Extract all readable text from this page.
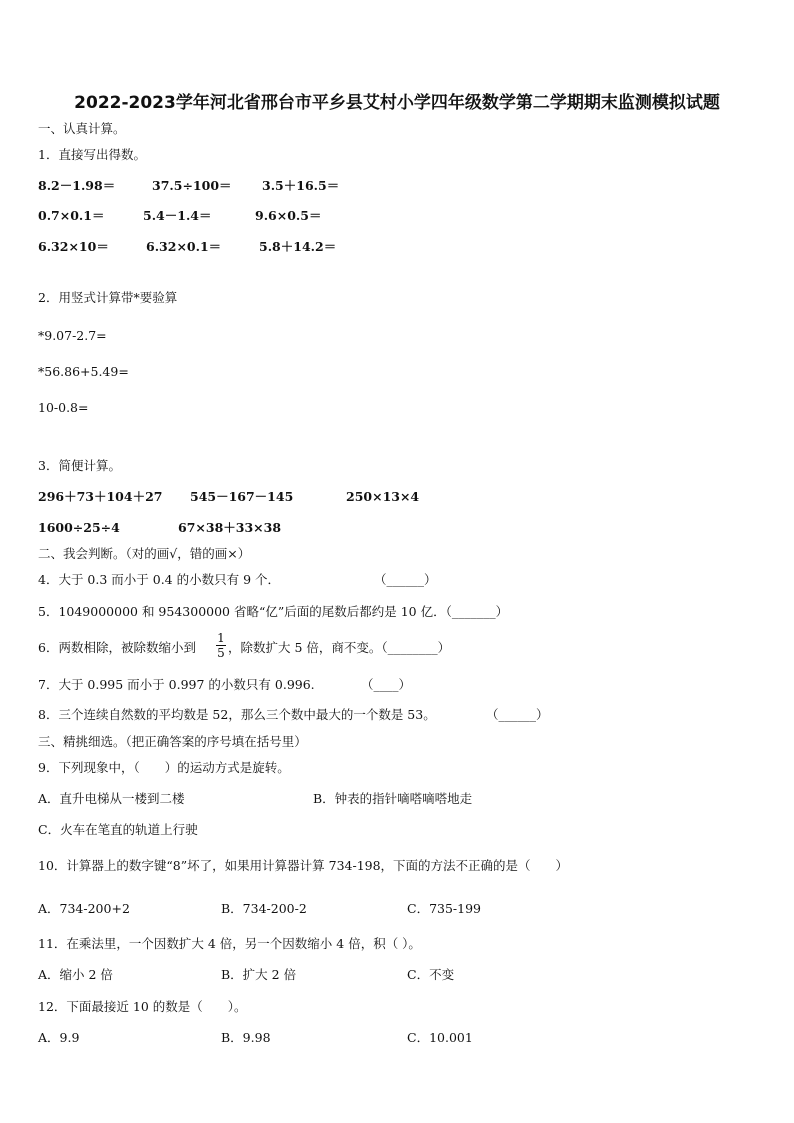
2022-2023学年河北省邢台市平乡县艾村小学四年级数学第二学期期末监测模拟试题
一、认真计算。
1．直接写出得数。
8.2－1.98＝	37.5÷100＝ 3.5＋16.5＝
0.7×0.1＝	5.4－1.4＝	9.6×0.5＝
6.32×10＝	6.32×0.1＝	5.8＋14.2＝
2．用竖式计算带*要验算
*9.07-2.7=
*56.86+5.49=
10-0.8=
3．简便计算。
296＋73＋104＋27 545－167－145	250×13×4
1600÷25÷4	67×38＋33×38
二、我会判断。（对的画√，错的画×）
4．大于 0.3 而小于 0.4 的小数只有 9 个．	（______）
5．1049000000 和 954300000 省略“亿”后面的尾数后都约是 10 亿．（_______）
6．两数相除，被除数缩小到 $\frac{1}{5}$ ，除数扩大 5 倍，商不变。（________）
7．大于 0.995 而小于 0.997 的小数只有 0.996.	（____）
8．三个连续自然数的平均数是 52，那么三个数中最大的一个数是 53。	（______）
三、精挑细选。（把正确答案的序号填在括号里）
9．下列现象中，（　　）的运动方式是旋转。
A．直升电梯从一楼到二楼	B．钟表的指针嘀嗒嘀嗒地走
C．火车在笔直的轨道上行驶
10．计算器上的数字键“8”坏了，如果用计算器计算 734-198，下面的方法不正确的是（　　）
A．734-200+2	B．734-200-2	C．735-199
11．在乘法里，一个因数扩大 4 倍，另一个因数缩小 4 倍，积（ ）。
A．缩小 2 倍	B．扩大 2 倍	C．不变
12．下面最接近 10 的数是（　　）。
A．9.9	B．9.98	C．10.001
